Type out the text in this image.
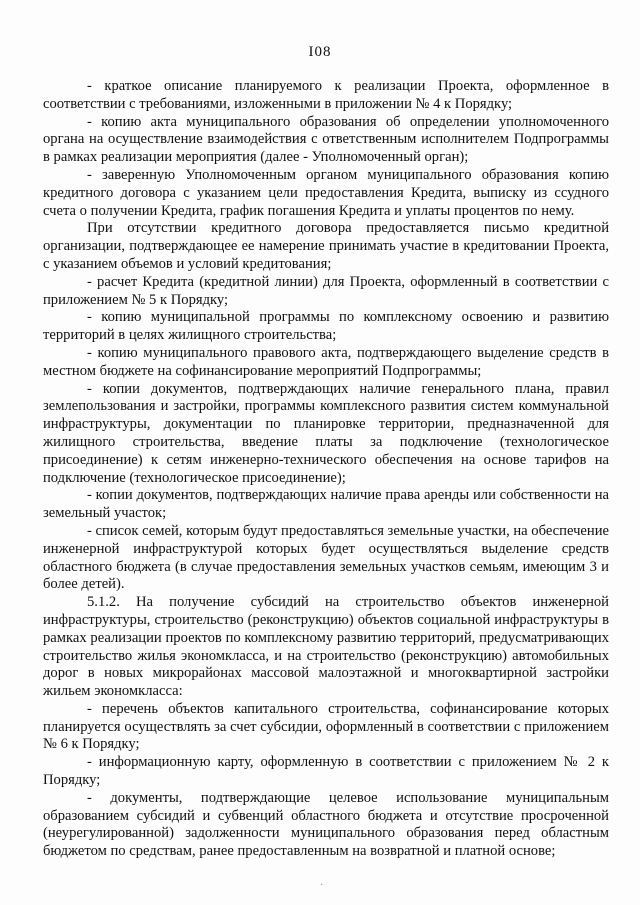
I08

- краткое описание планируемого к реализации Проекта, оформленное в соответствии с требованиями, изложенными в приложении № 4 к Порядку;

- копию акта муниципального образования об определении уполномоченного органа на осуществление взаимодействия с ответственным исполнителем Подпрограммы в рамках реализации мероприятия (далее - Уполномоченный орган);

- заверенную Уполномоченным органом муниципального образования копию кредитного договора с указанием цели предоставления Кредита, выписку из ссудного счета о получении Кредита, график погашения Кредита и уплаты процентов по нему.

При отсутствии кредитного договора предоставляется письмо кредитной организации, подтверждающее ее намерение принимать участие в кредитовании Проекта, с указанием объемов и условий кредитования;

- расчет Кредита (кредитной линии) для Проекта, оформленный в соответствии с приложением № 5 к Порядку;

- копию муниципальной программы по комплексному освоению и развитию территорий в целях жилищного строительства;

- копию муниципального правового акта, подтверждающего выделение средств в местном бюджете на софинансирование мероприятий Подпрограммы;

- копии документов, подтверждающих наличие генерального плана, правил землепользования и застройки, программы комплексного развития систем коммунальной инфраструктуры, документации по планировке территории, предназначенной для жилищного строительства, введение платы за подключение (технологическое присоединение) к сетям инженерно-технического обеспечения на основе тарифов на подключение (технологическое присоединение);

- копии документов, подтверждающих наличие права аренды или собственности на земельный участок;

- список семей, которым будут предоставляться земельные участки, на обеспечение инженерной инфраструктурой которых будет осуществляться выделение средств областного бюджета (в случае предоставления земельных участков семьям, имеющим 3 и более детей).

5.1.2. На получение субсидий на строительство объектов инженерной инфраструктуры, строительство (реконструкцию) объектов социальной инфраструктуры в рамках реализации проектов по комплексному развитию территорий, предусматривающих строительство жилья экономкласса, и на строительство (реконструкцию) автомобильных дорог в новых микрорайонах массовой малоэтажной и многоквартирной застройки жильем экономкласса:

- перечень объектов капитального строительства, софинансирование которых планируется осуществлять за счет субсидии, оформленный в соответствии с приложением № 6 к Порядку;

- информационную карту, оформленную в соответствии с приложением № 2 к Порядку;

- документы, подтверждающие целевое использование муниципальным образованием субсидий и субвенций областного бюджета и отсутствие просроченной (неурегулированной) задолженности муниципального образования перед областным бюджетом по средствам, ранее предоставленным на возвратной и платной основе;

·
